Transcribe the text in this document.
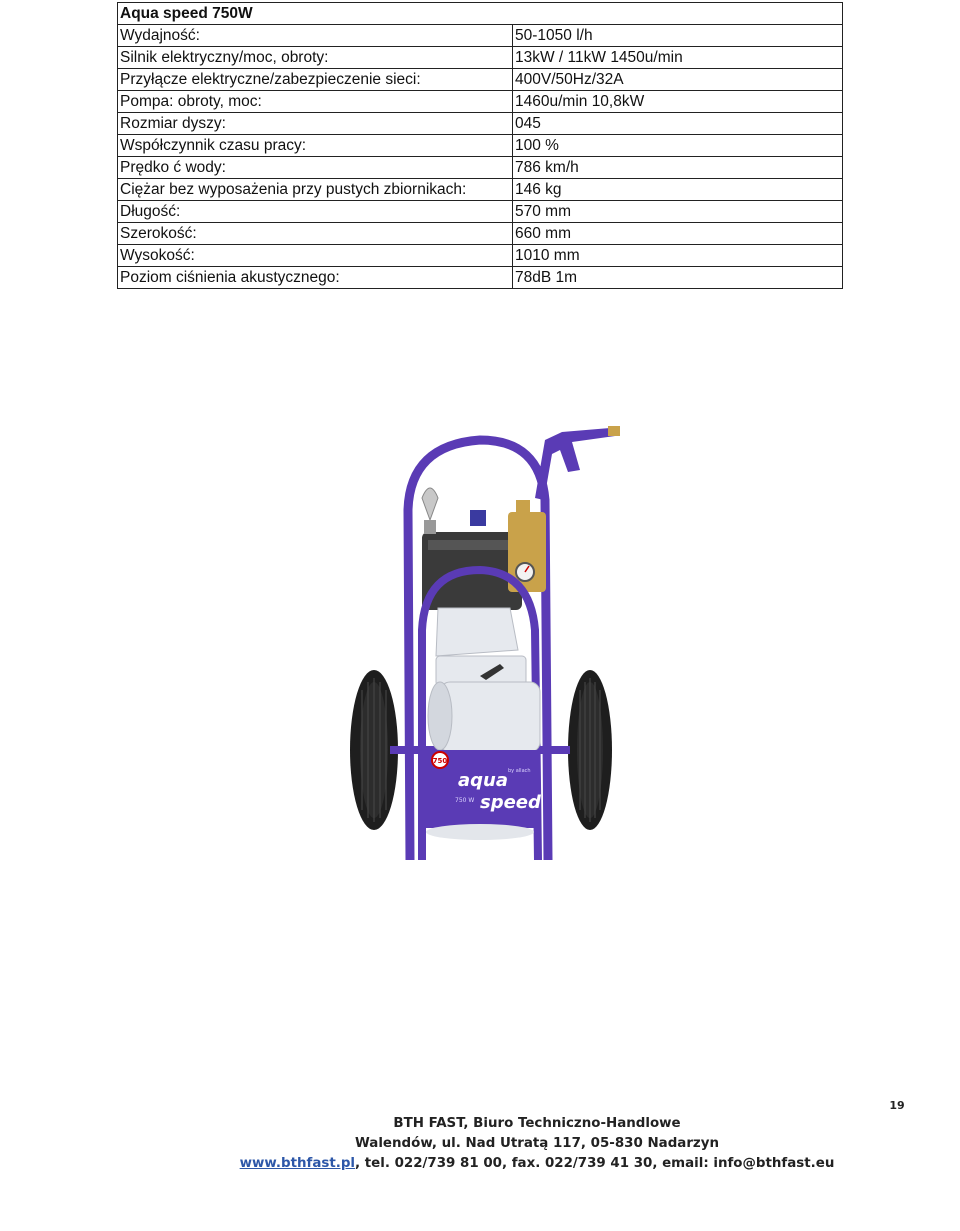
Aqua speed 750W	
Wydajność:	50-1050 l/h
Silnik elektryczny/moc, obroty:	13kW / 11kW 1450u/min
Przyłącze elektryczne/zabezpieczenie sieci:	400V/50Hz/32A
Pompa: obroty, moc:	1460u/min 10,8kW
Rozmiar dyszy:	045
Współczynnik czasu pracy:	100 %
Prędko ć wody:	786 km/h
Ciężar bez wyposażenia przy pustych zbiornikach:	146 kg
Długość:	570 mm
Szerokość:	660 mm
Wysokość:	1010 mm
Poziom ciśnienia akustycznego:	78dB 1m
750
aqua
speed
750 W
by allach
19
BTH FAST, Biuro Techniczno-Handlowe
Walendów, ul. Nad Utratą 117, 05-830 Nadarzyn
www.bthfast.pl, tel. 022/739 81 00, fax. 022/739 41 30, email: info@bthfast.eu
